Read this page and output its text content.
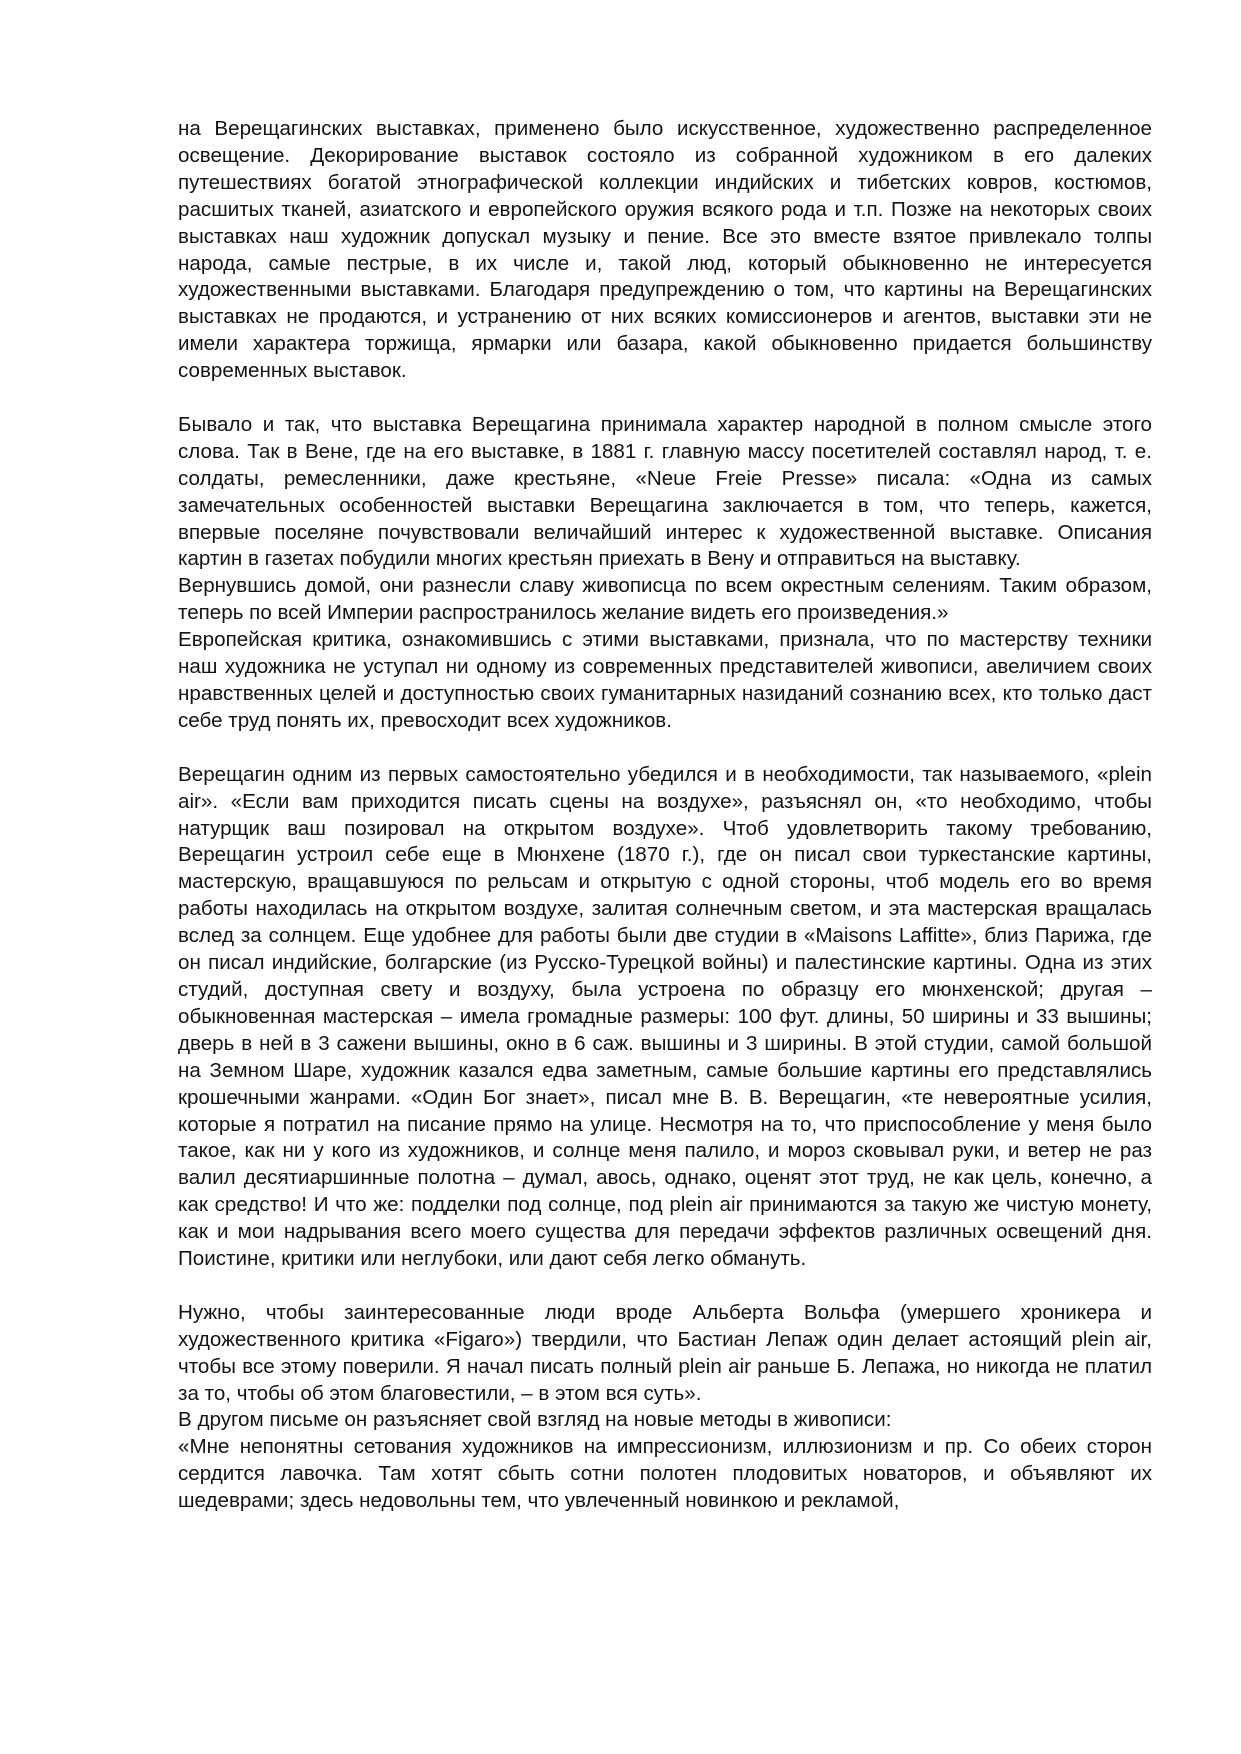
на Верещагинских выставках, применено было искусственное, художественно распределенное освещение. Декорирование выставок состояло из собранной художником в его далеких путешествиях богатой этнографической коллекции индийских и тибетских ковров, костюмов, расшитых тканей, азиатского и европейского оружия всякого рода и т.п. Позже на некоторых своих выставках наш художник допускал музыку и пение. Все это вместе взятое привлекало толпы народа, самые пестрые, в их числе и, такой люд, который обыкновенно не интересуется художественными выставками. Благодаря предупреждению о том, что картины на Верещагинских выставках не продаются, и устранению от них всяких комиссионеров и агентов, выставки эти не имели характера торжища, ярмарки или базара, какой обыкновенно придается большинству современных выставок.

Бывало и так, что выставка Верещагина принимала характер народной в полном смысле этого слова. Так в Вене, где на его выставке, в 1881 г. главную массу посетителей составлял народ, т. е. солдаты, ремесленники, даже крестьяне, «Neue Freie Presse» писала: «Одна из самых замечательных особенностей выставки Верещагина заключается в том, что теперь, кажется, впервые поселяне почувствовали величайший интерес к художественной выставке. Описания картин в газетах побудили многих крестьян приехать в Вену и отправиться на выставку.

Вернувшись домой, они разнесли славу живописца по всем окрестным селениям. Таким образом, теперь по всей Империи распространилось желание видеть его произведения.»

Европейская критика, ознакомившись с этими выставками, признала, что по мастерству техники наш художника не уступал ни одному из современных представителей живописи, авеличием своих нравственных целей и доступностью своих гуманитарных назиданий сознанию всех, кто только даст себе труд понять их, превосходит всех художников.

Верещагин одним из первых самостоятельно убедился и в необходимости, так называемого, «plein air». «Если вам приходится писать сцены на воздухе», разъяснял он, «то необходимо, чтобы натурщик ваш позировал на открытом воздухе». Чтоб удовлетворить такому требованию, Верещагин устроил себе еще в Мюнхене (1870 г.), где он писал свои туркестанские картины, мастерскую, вращавшуюся по рельсам и открытую с одной стороны, чтоб модель его во время работы находилась на открытом воздухе, залитая солнечным светом, и эта мастерская вращалась вслед за солнцем. Еще удобнее для работы были две студии в «Maisons Laffitte», близ Парижа, где он писал индийские, болгарские (из Русско-Турецкой войны) и палестинские картины. Одна из этих студий, доступная свету и воздуху, была устроена по образцу его мюнхенской; другая – обыкновенная мастерская – имела громадные размеры: 100 фут. длины, 50 ширины и 33 вышины; дверь в ней в 3 сажени вышины, окно в 6 саж. вышины и 3 ширины. В этой студии, самой большой на Земном Шаре, художник казался едва заметным, самые большие картины его представлялись крошечными жанрами. «Один Бог знает», писал мне В. В. Верещагин, «те невероятные усилия, которые я потратил на писание прямо на улице. Несмотря на то, что приспособление у меня было такое, как ни у кого из художников, и солнце меня палило, и мороз сковывал руки, и ветер не раз валил десятиаршинные полотна – думал, авось, однако, оценят этот труд, не как цель, конечно, а как средство! И что же: подделки под солнце, под plein air принимаются за такую же чистую монету, как и мои надрывания всего моего существа для передачи эффектов различных освещений дня. Поистине, критики или неглубоки, или дают себя легко обмануть.

Нужно, чтобы заинтересованные люди вроде Альберта Вольфа (умершего хроникера и художественного критика «Figaro») твердили, что Бастиан Лепаж один делает астоящий plein air, чтобы все этому поверили. Я начал писать полный plein air раньше Б. Лепажа, но никогда не платил за то, чтобы об этом благовестили, – в этом вся суть».

В другом письме он разъясняет свой взгляд на новые методы в живописи:

«Мне непонятны сетования художников на импрессионизм, иллюзионизм и пр. Со обеих сторон сердится лавочка. Там хотят сбыть сотни полотен плодовитых новаторов, и объявляют их шедеврами; здесь недовольны тем, что увлеченный новинкою и рекламой,
